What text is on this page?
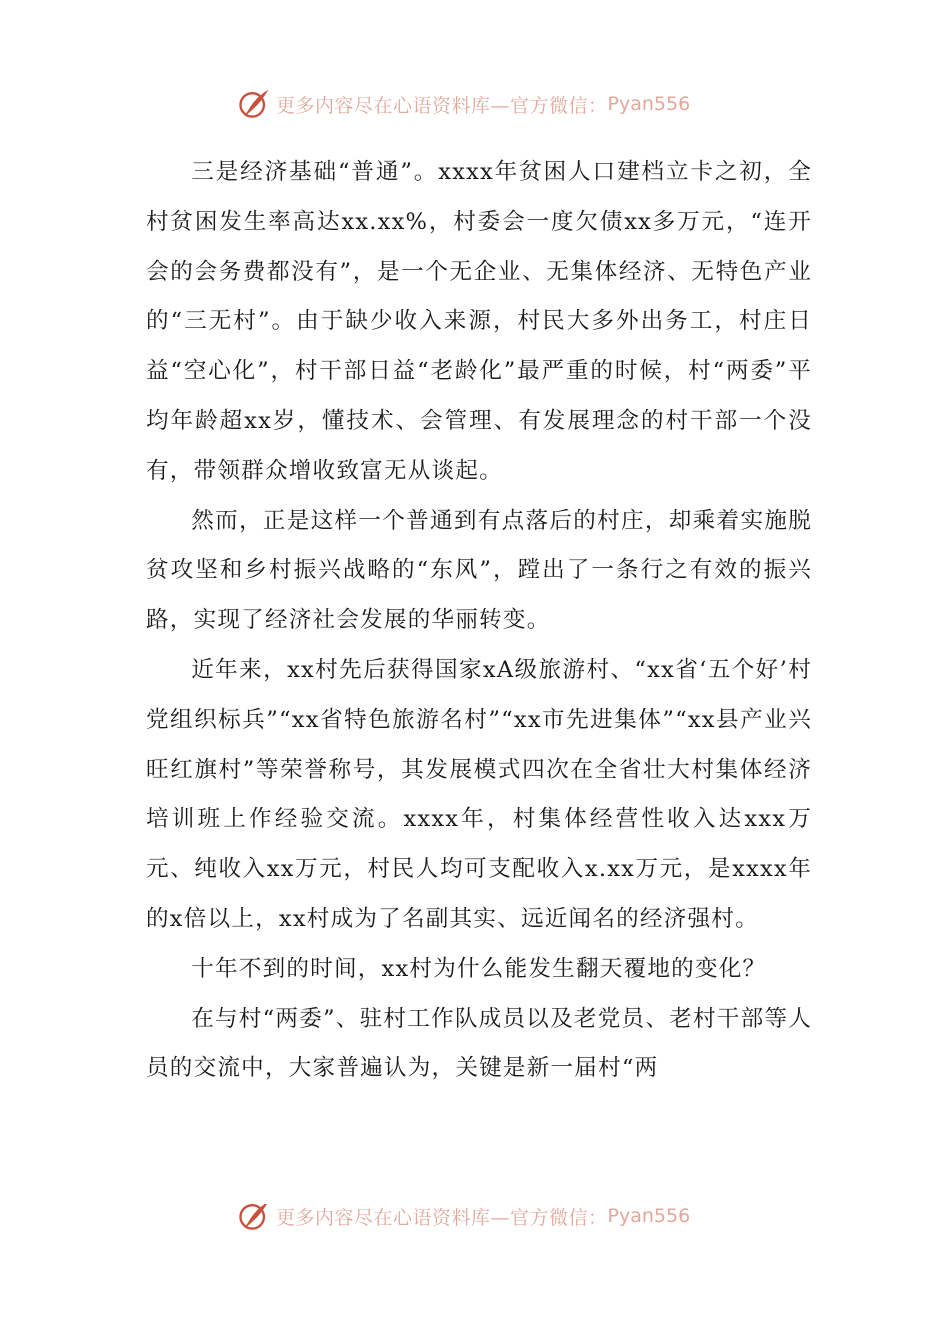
更多内容尽在心语资料库—官方微信： Pyan556

三是经济基础“普通”。xxxx年贫困人口建档立卡之初，全村贫困发生率高达xx.xx%，村委会一度欠债xx多万元，“连开会的会务费都没有”，是一个无企业、无集体经济、无特色产业的“三无村”。由于缺少收入来源，村民大多外出务工，村庄日益“空心化”，村干部日益“老龄化”最严重的时候，村“两委”平均年龄超xx岁，懂技术、会管理、有发展理念的村干部一个没有，带领群众增收致富无从谈起。

然而，正是这样一个普通到有点落后的村庄，却乘着实施脱贫攻坚和乡村振兴战略的“东风”，蹚出了一条行之有效的振兴路，实现了经济社会发展的华丽转变。

近年来，xx村先后获得国家xA级旅游村、“xx省‘五个好’村党组织标兵”“xx省特色旅游名村”“xx市先进集体”“xx县产业兴旺红旗村”等荣誉称号，其发展模式四次在全省壮大村集体经济培训班上作经验交流。xxxx年，村集体经营性收入达xxx万元、纯收入xx万元，村民人均可支配收入x.xx万元，是xxxx年的x倍以上，xx村成为了名副其实、远近闻名的经济强村。

十年不到的时间，xx村为什么能发生翻天覆地的变化？

在与村“两委”、驻村工作队成员以及老党员、老村干部等人员的交流中，大家普遍认为，关键是新一届村“两

更多内容尽在心语资料库—官方微信： Pyan556
